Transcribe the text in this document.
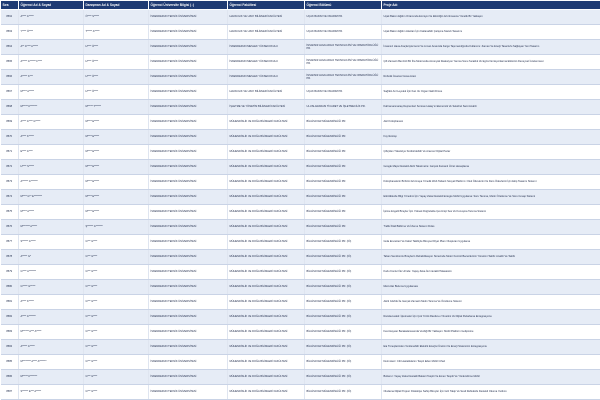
Sıra	Öğrenci Ad & Soyad	Danışman Ad & Soyad	Öğrenci Üniversite Bilgisi (↓)	Öğrenci Fakültesi	Öğrenci Bölümü	Proje Adı
8562	A**** A*****	Ö**** S*****	İSKENDERUN TEKNİK ÜNİVERSİTESİ	HAVACILIK VE UZAY BİLİMLERİ FAKÜLTESİ	UÇAK BAKIM VE ONARIM PR.	Uçak Bakım Eğitim Ortamında Emniyet Ve Etkinliğin Artırılmasına Yönelik Bir Yaklaşım
8563	Y**** Ö****	T***** A*****	İSKENDERUN TEKNİK ÜNİVERSİTESİ	HAVACILIK VE UZAY BİLİMLERİ FAKÜLTESİ	UÇAK BAKIM VE ONARIM PR.	Uçak Bakım Eğitim Alanları İçin Katlanabilir Çalışma Standı Tasarımı
8564	A** A**** A*****	H**** Ö****	İSKENDERUN TEKNİK ÜNİVERSİTESİ	İSKENDERUN MESLEK YÜKSEKOKULU	İNSANSIZ HAVA ARACI TEKNOLOJİSİ VE OPERATÖRLÜĞÜ PR.	İnsansız Hava Araçlarıyla Gemi Ve Liman Arasında Kargo Taşımacılığında Kullanımı: Zaman Ve Enerji Tasarrufu Sağlayan Yeni Tasarım
8565	A***** A****** F****	H**** Ö****	İSKENDERUN TEKNİK ÜNİVERSİTESİ	İSKENDERUN MESLEK YÜKSEKOKULU	İNSANSIZ HAVA ARACI TEKNOLOJİSİ VE OPERATÖRLÜĞÜ PR.	Çift Zamanlı Benzinli Bir İha Motorunda Amonyak Reaksiyon Yanma Sonu Sıcaklık Ve Egzoz Emisyonlarına Etkisinin Deneysel İncelenmesi
8566	A***** K***	H**** Ö****	İSKENDERUN TEKNİK ÜNİVERSİTESİ	İSKENDERUN MESLEK YÜKSEKOKULU	İNSANSIZ HAVA ARACI TEKNOLOJİSİ VE OPERATÖRLÜĞÜ PR.	Robotik İnsansız Hava Aracı
8567	M**** A*****	H**** Ö****	İSKENDERUN TEKNİK ÜNİVERSİTESİ	HAVACILIK VE UZAY BİLİMLERİ FAKÜLTESİ	UÇAK BAKIM VE ONARIM PR.	Sağlıklı Arıl Leyelek İçin Kan Ve Organ Nakli Drone
8568	M***** K*******	M***** T******	İSKENDERUN TEKNİK ÜNİVERSİTESİ	İŞLETME VE YÖNETİM BİLİMLERİ FAKÜLTESİ	ULUSLARARASI TİCARET VE İŞLETMECİLİK PR.	Kahramanmaraş Depremleri Sonrası Hatay'ın Ekonomik Ve Sektörel Swot Analizi
8569	A**** A**** G*****	M**** E*****	İSKENDERUN TEKNİK ÜNİVERSİTESİ	MÜHENDİSLİK VE DOĞA BİLİMLERİ FAKÜLTESİ	BİLGİSAYAR MÜHENDİSLİĞİ PR.	Akıl Kütüphanesi
8570	A**** K*****	M**** E*****	İSKENDERUN TEKNİK ÜNİVERSİTESİ	MÜHENDİSLİK VE DOĞA BİLİMLERİ FAKÜLTESİ	BİLGİSAYAR MÜHENDİSLİĞİ PR.	Foyl Erotop
8571	E**** A****	M**** E*****	İSKENDERUN TEKNİK ÜNİVERSİTESİ	MÜHENDİSLİK VE DOĞA BİLİMLERİ FAKÜLTESİ	BİLGİSAYAR MÜHENDİSLİĞİ PR.	Çiftçiden Tüketiciye Sürdürülebilir Ve Aracısız Dijital Pazar
8572	H**** S*****	M**** E*****	İSKENDERUN TEKNİK ÜNİVERSİTESİ	MÜHENDİSLİK VE DOĞA BİLİMLERİ FAKÜLTESİ	BİLGİSAYAR MÜHENDİSLİĞİ PR.	Google Maps Destekli Akıllı Taksimetre: Gerçek Zamanlı Ücret Hesaplama
8573	A****** A*******	M**** E*****	İSKENDERUN TEKNİK ÜNİVERSİTESİ	MÜHENDİSLİK VE DOĞA BİLİMLERİ FAKÜLTESİ	BİLGİSAYAR MÜHENDİSLİĞİ PR.	Kütüphanelerin Birbirini Artırmaya Yönelik Web Tabanlı Sosyal Platform: Okul Ödevlerini Ve Ders Ödevlerini İçin Ekip Tasarım Sistemi
8574	M**** G** E********	M**** E*****	İSKENDERUN TEKNİK ÜNİVERSİTESİ	MÜHENDİSLİK VE DOĞA BİLİMLERİ FAKÜLTESİ	BİLGİSAYAR MÜHENDİSLİĞİ PR.	Etkinliklerde Bilgi Yönetimi İçin Yapay Zeka Destekli Entegre Mobil Uygulama: Soru Tanıma, Metin Özetleme Ve Soru Cevap Sistemi
8575	M**** A*****	M**** E*****	İSKENDERUN TEKNİK ÜNİVERSİTESİ	MÜHENDİSLİK VE DOĞA BİLİMLERİ FAKÜLTESİ	BİLGİSAYAR MÜHENDİSLİĞİ PR.	İşitme Engelli Bireyler İçin Yüksek Doğrulukla Çevrimiçi Ses Ve Konuşma Tanıma Sistemi
8576	M******* A*****	Ş****** A*******	İSKENDERUN TEKNİK ÜNİVERSİTESİ	MÜHENDİSLİK VE DOĞA BİLİMLERİ FAKÜLTESİ	BİLGİSAYAR MÜHENDİSLİĞİ PR.	Trafik İhlali Bildirme Ve İzleme Sistemi Fides
8577	S****** A*****	G*** G****	İSKENDERUN TEKNİK ÜNİVERSİTESİ	MÜHENDİSLİK VE DOĞA BİLİMLERİ FAKÜLTESİ	BİLGİSAYAR MÜHENDİSLİĞİ PR. (İÖ)	Gıda Envanteri Ve Kalori Takibiyle Bireysel Diyet Planı Oluşturan Uygulama
8578	A***** G*	G*** G****	İSKENDERUN TEKNİK ÜNİVERSİTESİ	MÜHENDİSLİK VE DOĞA BİLİMLERİ FAKÜLTESİ	BİLGİSAYAR MÜHENDİSLİĞİ PR. (İÖ)	Taban Sendromlu Bireylerin Rehabilitasyon Sürecinde Motor Kontrol Becerilerinin Yönetimi Takibi: Analizi Ve Takibi
8579	G**** A*******	G*** G****	İSKENDERUN TEKNİK ÜNİVERSİTESİ	MÜHENDİSLİK VE DOĞA BİLİMLERİ FAKÜLTESİ	BİLGİSAYAR MÜHENDİSLİĞİ PR. (İÖ)	Kodu Konturl İle Urinde: Yapay Zeka İle Interaktif Masaüstü
8580	G***** G*****	G*** G****	İSKENDERUN TEKNİK ÜNİVERSİTESİ	MÜHENDİSLİK VE DOĞA BİLİMLERİ FAKÜLTESİ	BİLGİSAYAR MÜHENDİSLİĞİ PR. (İÖ)	Mezunlar Buluma Uygulaması
8581	A**** K*****	G*** G****	İSKENDERUN TEKNİK ÜNİVERSİTESİ	MÜHENDİSLİK VE DOĞA BİLİMLERİ FAKÜLTESİ	BİLGİSAYAR MÜHENDİSLİĞİ PR. (İÖ)	Akıllı Gözlük İle Gerçek Zamanlı Metin Tanıma Ve Özetleme Sistemi
8582	A**** A*******	G*** G****	İSKENDERUN TEKNİK ÜNİVERSİTESİ	MÜHENDİSLİK VE DOĞA BİLİMLERİ FAKÜLTESİ	BİLGİSAYAR MÜHENDİSLİĞİ PR. (İÖ)	Randevuvakti: İşletmeler İçin Çok Yönlü Randevu Yönetimi Ve Dijital Pazarlama Entegrasyonu
8583	M****** A*** A*****	G*** G****	İSKENDERUN TEKNİK ÜNİVERSİTESİ	MÜHENDİSLİK VE DOĞA BİLİMLERİ FAKÜLTESİ	BİLGİSAYAR MÜHENDİSLİĞİ PR. (İÖ)	Fest Hayvan Barakalamasında Verdiği Bir Yaklaşım: Mobil Platform Gelişimine
8584	A***** A*****	G*** G****	İSKENDERUN TEKNİK ÜNİVERSİTESİ	MÜHENDİSLİK VE DOĞA BİLİMLERİ FAKÜLTESİ	BİLGİSAYAR MÜHENDİSLİĞİ PR. (İÖ)	Eia Tüneplerinden Yenilenebilir Elektrik Enerjisi Üretimi Ve Enerji Sisteminin Entegrasyonu
8585	M******** A**** A*******	G*** G****	İSKENDERUN TEKNİK ÜNİVERSİTESİ	MÜHENDİSLİK VE DOĞA BİLİMLERİ FAKÜLTESİ	BİLGİSAYAR MÜHENDİSLİĞİ PR. (İÖ)	Dermoterc: Cilt Hastalıklarını Tespit Eden Mobil Cihaz
8586	M***** K*******	G*** G****	İSKENDERUN TEKNİK ÜNİVERSİTESİ	MÜHENDİSLİK VE DOĞA BİLİMLERİ FAKÜLTESİ	BİLGİSAYAR MÜHENDİSLİĞİ PR. (İÖ)	Botterur: Yapay Zeka Destekli Bakteri Tespiti Ve Emen Tespiti Ve Yönlendirme Mobil
8587	S****** E*** A*****	G*** G****	İSKENDERUN TEKNİK ÜNİVERSİTESİ	MÜHENDİSLİK VE DOĞA BİLİMLERİ FAKÜLTESİ	BİLGİSAYAR MÜHENDİSLİĞİ PR. (İÖ)	Okulama Dijital Projesi: Dislektiye Sahip Bireyler İçin Göz Takip Ve Sesli Refleksife Destekli Okuma Yardımı
